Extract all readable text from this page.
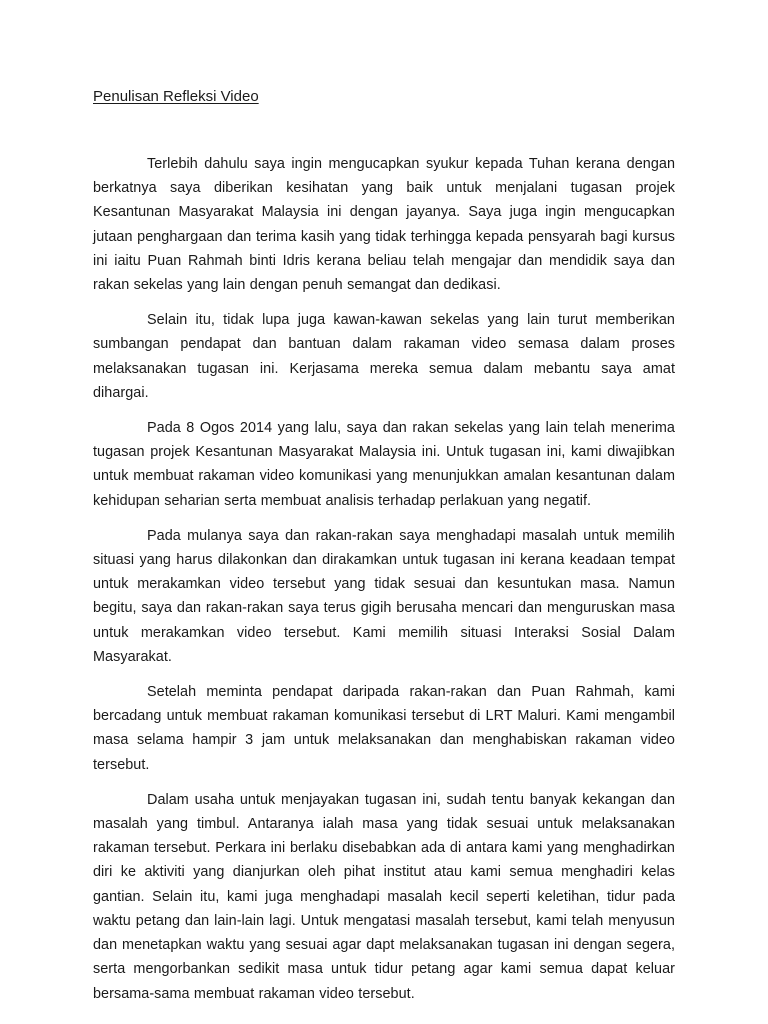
Penulisan Refleksi Video

Terlebih dahulu saya ingin mengucapkan syukur kepada Tuhan kerana dengan berkatnya saya diberikan kesihatan yang baik untuk menjalani tugasan projek Kesantunan Masyarakat Malaysia ini dengan jayanya. Saya juga ingin mengucapkan jutaan penghargaan dan terima kasih yang tidak terhingga kepada pensyarah bagi kursus ini iaitu Puan Rahmah binti Idris kerana beliau telah mengajar dan mendidik saya dan rakan sekelas yang lain dengan penuh semangat dan dedikasi.

Selain itu, tidak lupa juga kawan-kawan sekelas yang lain turut memberikan sumbangan pendapat dan bantuan dalam rakaman video semasa dalam proses melaksanakan tugasan ini. Kerjasama mereka semua dalam mebantu saya amat dihargai.

Pada 8 Ogos 2014 yang lalu, saya dan rakan sekelas yang lain telah menerima tugasan projek Kesantunan Masyarakat Malaysia ini. Untuk tugasan ini, kami diwajibkan untuk membuat rakaman video komunikasi yang menunjukkan amalan kesantunan dalam kehidupan seharian serta membuat analisis terhadap perlakuan yang negatif.

Pada mulanya saya dan rakan-rakan saya menghadapi masalah untuk memilih situasi yang harus dilakonkan dan dirakamkan untuk tugasan ini kerana keadaan tempat untuk merakamkan video tersebut yang tidak sesuai dan kesuntukan masa. Namun begitu, saya dan rakan-rakan saya terus gigih berusaha mencari dan menguruskan masa untuk merakamkan video tersebut. Kami memilih situasi Interaksi Sosial Dalam Masyarakat.

Setelah meminta pendapat daripada rakan-rakan dan Puan Rahmah, kami bercadang untuk membuat rakaman komunikasi tersebut di LRT Maluri. Kami mengambil masa selama hampir 3 jam untuk melaksanakan dan menghabiskan rakaman video tersebut.

Dalam usaha untuk menjayakan tugasan ini, sudah tentu banyak kekangan dan masalah yang timbul. Antaranya ialah masa yang tidak sesuai untuk melaksanakan rakaman tersebut. Perkara ini berlaku disebabkan ada di antara kami yang menghadirkan diri ke aktiviti yang dianjurkan oleh pihat institut atau kami semua menghadiri kelas gantian. Selain itu, kami juga menghadapi masalah kecil seperti keletihan, tidur pada waktu petang dan lain-lain lagi. Untuk mengatasi masalah tersebut, kami telah menyusun dan menetapkan waktu yang sesuai agar dapt melaksanakan tugasan ini dengan segera, serta mengorbankan sedikit masa untuk tidur petang agar kami semua dapat keluar bersama-sama membuat rakaman video tersebut.
